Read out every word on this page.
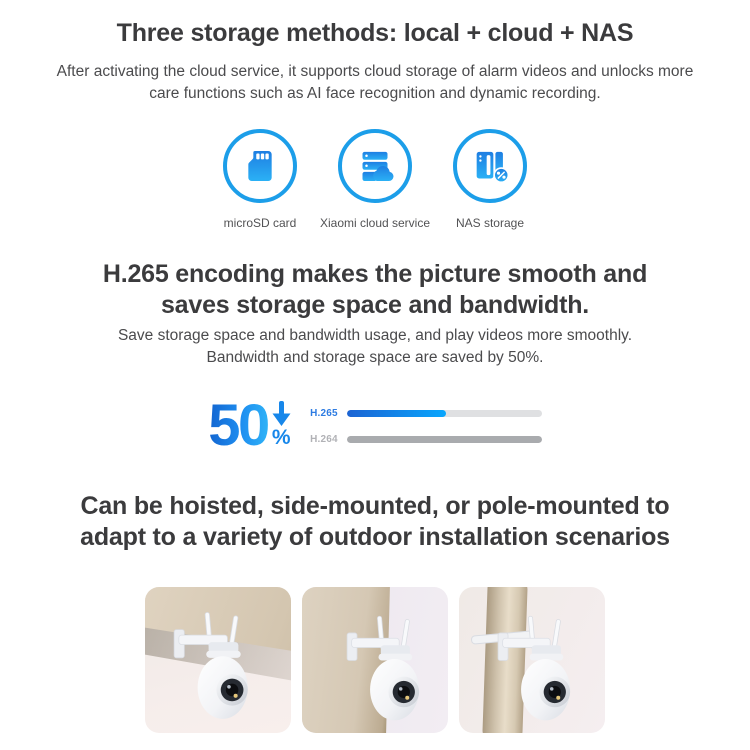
Three storage methods: local + cloud + NAS

After activating the cloud service, it supports cloud storage of alarm videos and unlocks more
care functions such as AI face recognition and dynamic recording.

microSD card Xiaomi cloud service NAS storage
H.265 encoding makes the picture smooth and
saves storage space and bandwidth.

Save storage space and bandwidth usage, and play videos more smoothly.
Bandwidth and storage space are saved by 50%.

50 %
H.265
H.264
Can be hoisted, side-mounted, or pole-mounted to
adapt to a variety of outdoor installation scenarios
